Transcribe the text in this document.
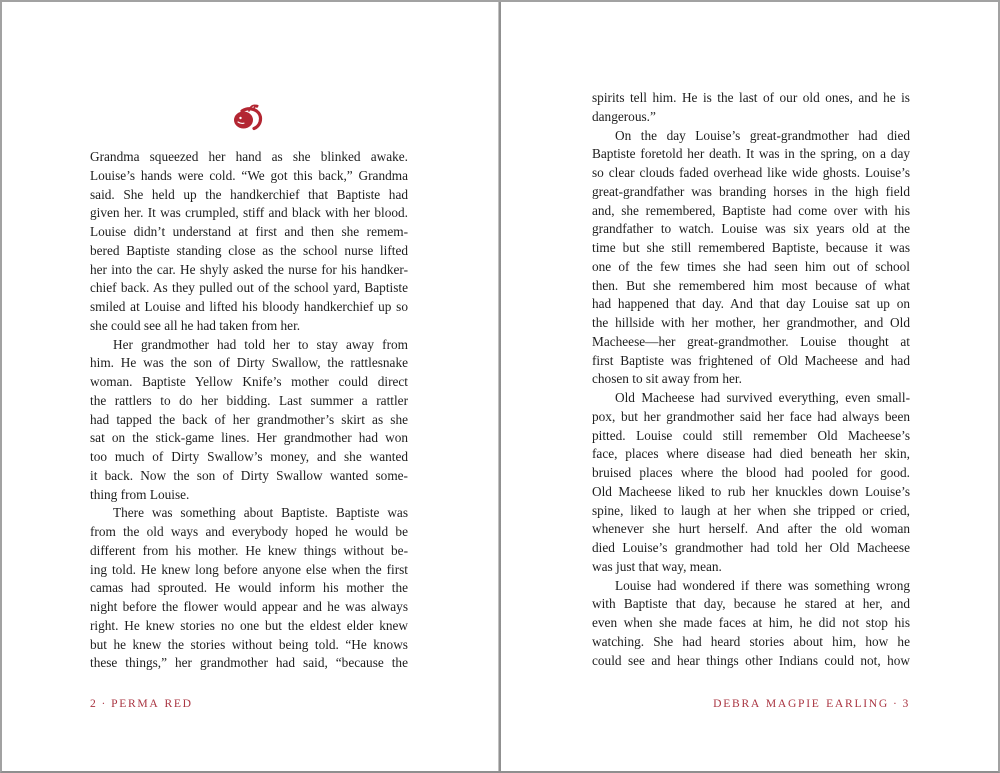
Grandma squeezed her hand as she blinked awake.
Louise’s hands were cold. “We got this back,” Grandma
said. She held up the handkerchief that Baptiste had
given her. It was crumpled, stiff and black with her blood.
Louise didn’t understand at first and then she remem-
bered Baptiste standing close as the school nurse lifted
her into the car. He shyly asked the nurse for his handker-
chief back. As they pulled out of the school yard, Baptiste
smiled at Louise and lifted his bloody handkerchief up so
she could see all he had taken from her.
Her grandmother had told her to stay away from
him. He was the son of Dirty Swallow, the rattlesnake
woman. Baptiste Yellow Knife’s mother could direct
the rattlers to do her bidding. Last summer a rattler
had tapped the back of her grandmother’s skirt as she
sat on the stick-game lines. Her grandmother had won
too much of Dirty Swallow’s money, and she wanted
it back. Now the son of Dirty Swallow wanted some-
thing from Louise.
There was something about Baptiste. Baptiste was
from the old ways and everybody hoped he would be
different from his mother. He knew things without be-
ing told. He knew long before anyone else when the first
camas had sprouted. He would inform his mother the
night before the flower would appear and he was always
right. He knew stories no one but the eldest elder knew
but he knew the stories without being told. “He knows
these things,” her grandmother had said, “because the
2 · PERMA RED
spirits tell him. He is the last of our old ones, and he is
dangerous.”
On the day Louise’s great-grandmother had died
Baptiste foretold her death. It was in the spring, on a day
so clear clouds faded overhead like wide ghosts. Louise’s
great-grandfather was branding horses in the high field
and, she remembered, Baptiste had come over with his
grandfather to watch. Louise was six years old at the
time but she still remembered Baptiste, because it was
one of the few times she had seen him out of school
then. But she remembered him most because of what
had happened that day. And that day Louise sat up on
the hillside with her mother, her grandmother, and Old
Macheese—her great-grandmother. Louise thought at
first Baptiste was frightened of Old Macheese and had
chosen to sit away from her.
Old Macheese had survived everything, even small-
pox, but her grandmother said her face had always been
pitted. Louise could still remember Old Macheese’s
face, places where disease had died beneath her skin,
bruised places where the blood had pooled for good.
Old Macheese liked to rub her knuckles down Louise’s
spine, liked to laugh at her when she tripped or cried,
whenever she hurt herself. And after the old woman
died Louise’s grandmother had told her Old Macheese
was just that way, mean.
Louise had wondered if there was something wrong
with Baptiste that day, because he stared at her, and
even when she made faces at him, he did not stop his
watching. She had heard stories about him, how he
could see and hear things other Indians could not, how
DEBRA MAGPIE EARLING · 3
